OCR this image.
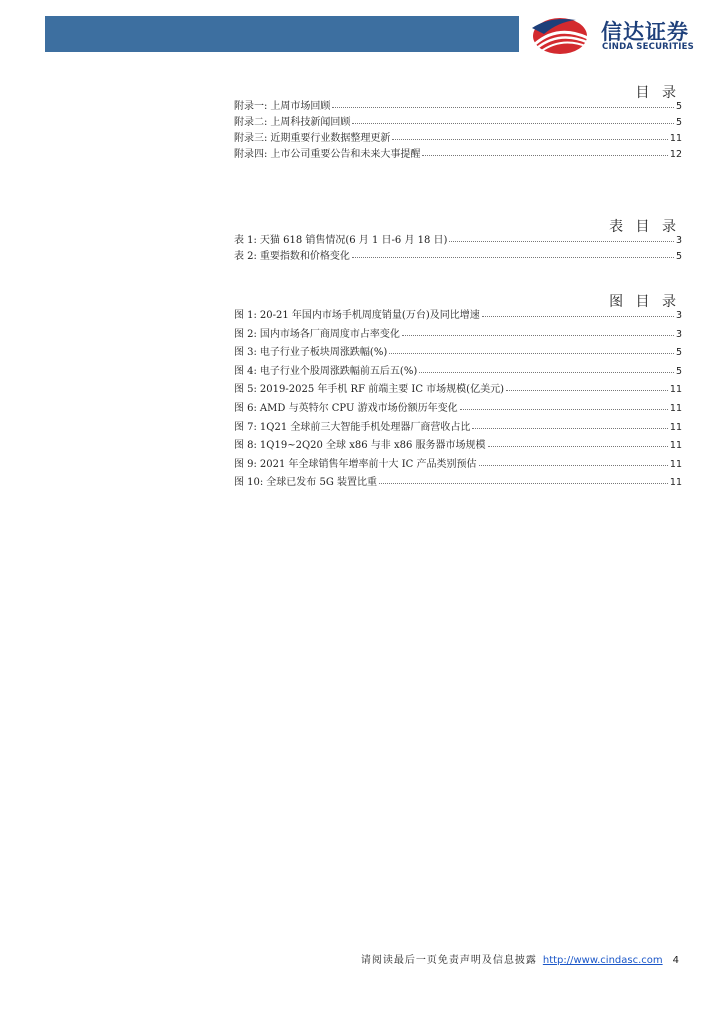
信达证券
CINDA SECURITIES
目 录
附录一: 上周市场回顾	5
附录二: 上周科技新闻回顾	5
附录三: 近期重要行业数据整理更新	11
附录四: 上市公司重要公告和未来大事提醒	12
表 目 录
表 1: 天猫 618 销售情况(6 月 1 日-6 月 18 日)	3
表 2: 重要指数和价格变化	5
图 目 录
图 1: 20-21 年国内市场手机周度销量(万台)及同比增速	3
图 2: 国内市场各厂商周度市占率变化	3
图 3: 电子行业子板块周涨跌幅(%)	5
图 4: 电子行业个股周涨跌幅前五后五(%)	5
图 5: 2019-2025 年手机 RF 前端主要 IC 市场规模(亿美元)	11
图 6: AMD 与英特尔 CPU 游戏市场份额历年变化	11
图 7: 1Q21 全球前三大智能手机处理器厂商营收占比	11
图 8: 1Q19~2Q20 全球 x86 与非 x86 服务器市场规模	11
图 9: 2021 年全球销售年增率前十大 IC 产品类别预估	11
图 10: 全球已发布 5G 装置比重	11
请阅读最后一页免责声明及信息披露 http://www.cindasc.com 4
